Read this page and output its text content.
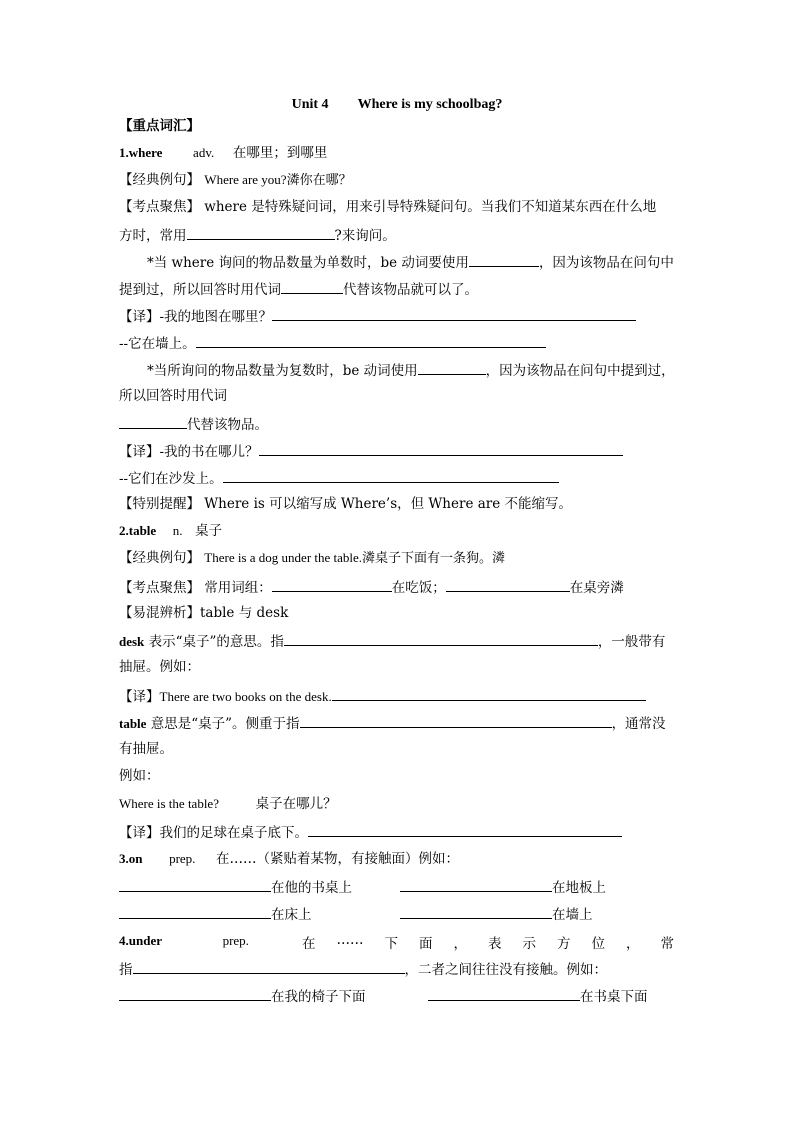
Unit 4 Where is my schoolbag?
【重点词汇】
1.where adv. 在哪里；到哪里
【经典例句】 Where are you?潾你在哪？
【考点聚焦】 where 是特殊疑问词，用来引导特殊疑问句。当我们不知道某东西在什么地
方时，常用	?来询问。
*当 where 询问的物品数量为单数时，be 动词要使用	，因为该物品在问句中
提到过，所以回答时用代词	代替该物品就可以了。
【译】-我的地图在哪里？
--它在墙上。
*当所询问的物品数量为复数时，be 动词使用	，因为该物品在问句中提到过，
所以回答时用代词
代替该物品。
【译】-我的书在哪儿？
--它们在沙发上。
【特别提醒】 Where is 可以缩写成 Where’s，但 Where are 不能缩写。
2.table n. 桌子
【经典例句】 There is a dog under the table.潾桌子下面有一条狗。潾
【考点聚焦】 常用词组：	在吃饭；	在桌旁潾
【易混辨析】table 与 desk
desk 表示“桌子”的意思。指	，一般带有
抽屉。例如：
【译】There are two books on the desk.
table 意思是“桌子”。侧重于指	，通常没
有抽屉。
例如：
Where is the table?	桌子在哪儿？
【译】我们的足球在桌子底下。
3.on prep. 在……（紧贴着某物，有接触面）例如：
在他的书桌上	在地板上
在床上	在墙上
4.under	prep.	在 …… 下 面 ， 表 示 方 位 ， 常
指	，二者之间往往没有接触。例如：
在我的椅子下面	在书桌下面
